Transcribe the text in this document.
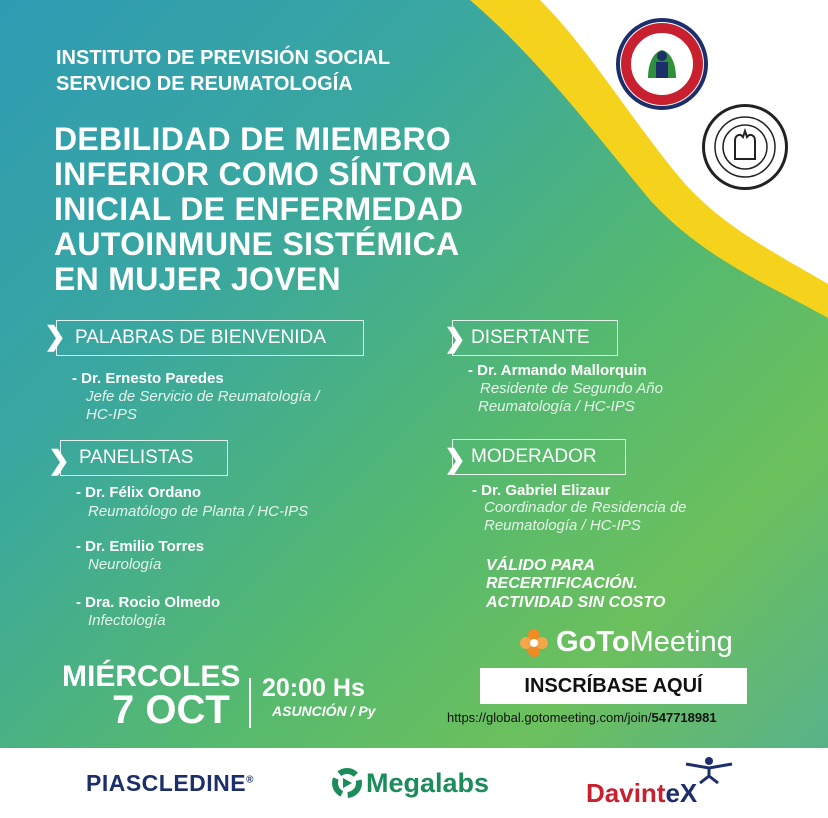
INSTITUTO DE PREVISIÓN SOCIAL
SERVICIO DE REUMATOLOGÍA
DEBILIDAD DE MIEMBRO
INFERIOR COMO SÍNTOMA
INICIAL DE ENFERMEDAD
AUTOINMUNE SISTÉMICA
EN MUJER JOVEN
❯ PALABRAS DE BIENVENIDA
- Dr. Ernesto Paredes
Jefe de Servicio de Reumatología /
HC-IPS
❯ DISERTANTE
- Dr. Armando Mallorquin
Residente de Segundo Año
Reumatología / HC-IPS
❯ PANELISTAS
- Dr. Félix Ordano
Reumatólogo de Planta / HC-IPS
- Dr. Emilio Torres
Neurología
- Dra. Rocio Olmedo
Infectología
❯ MODERADOR
- Dr. Gabriel Elizaur
Coordinador de Residencia de
Reumatología / HC-IPS
VÁLIDO PARA
RECERTIFICACIÓN.
ACTIVIDAD SIN COSTO
GoToMeeting
MIÉRCOLES
7 OCT 20:00 Hs
ASUNCIÓN / Py
INSCRÍBASE AQUÍ
https://global.gotomeeting.com/join/547718981
PIASCLEDINE®	Megalabs	DavinteX
